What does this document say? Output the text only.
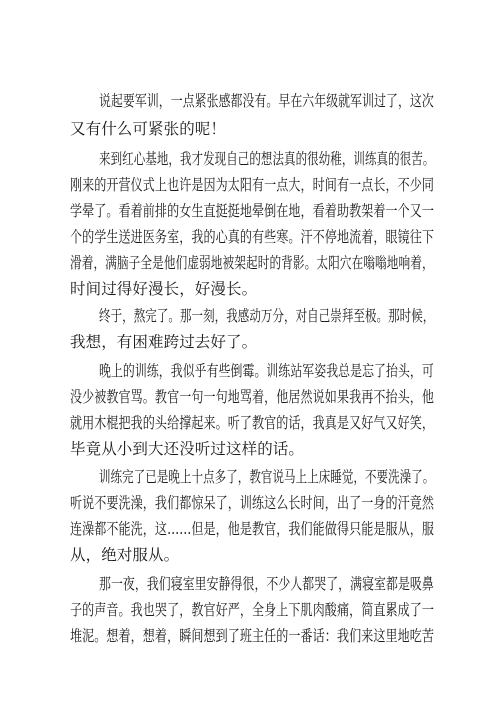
说起要军训，一点紧张感都没有。早在六年级就军训过了，这次
又有什么可紧张的呢！
来到红心基地，我才发现自己的想法真的很幼稚，训练真的很苦。
刚来的开营仪式上也许是因为太阳有一点大，时间有一点长，不少同
学晕了。看着前排的女生直挺挺地晕倒在地，看着助教架着一个又一
个的学生送进医务室，我的心真的有些寒。汗不停地流着，眼镜往下
滑着，满脑子全是他们虚弱地被架起时的背影。太阳穴在嗡嗡地响着，
时间过得好漫长，好漫长。
终于，熬完了。那一刻，我感动万分，对自己崇拜至极。那时候，
我想，有困难跨过去好了。
晚上的训练，我似乎有些倒霉。训练站军姿我总是忘了抬头，可
没少被教官骂。教官一句一句地骂着，他居然说如果我再不抬头，他
就用木棍把我的头给撑起来。听了教官的话，我真是又好气又好笑，
毕竟从小到大还没听过这样的话。
训练完了已是晚上十点多了，教官说马上上床睡觉，不要洗澡了。
听说不要洗澡，我们都惊呆了，训练这么长时间，出了一身的汗竟然
连澡都不能洗，这……但是，他是教官，我们能做得只能是服从，服
从，绝对服从。
那一夜，我们寝室里安静得很，不少人都哭了，满寝室都是吸鼻
子的声音。我也哭了，教官好严，全身上下肌肉酸痛，简直累成了一
堆泥。想着，想着，瞬间想到了班主任的一番话：我们来这里地吃苦
